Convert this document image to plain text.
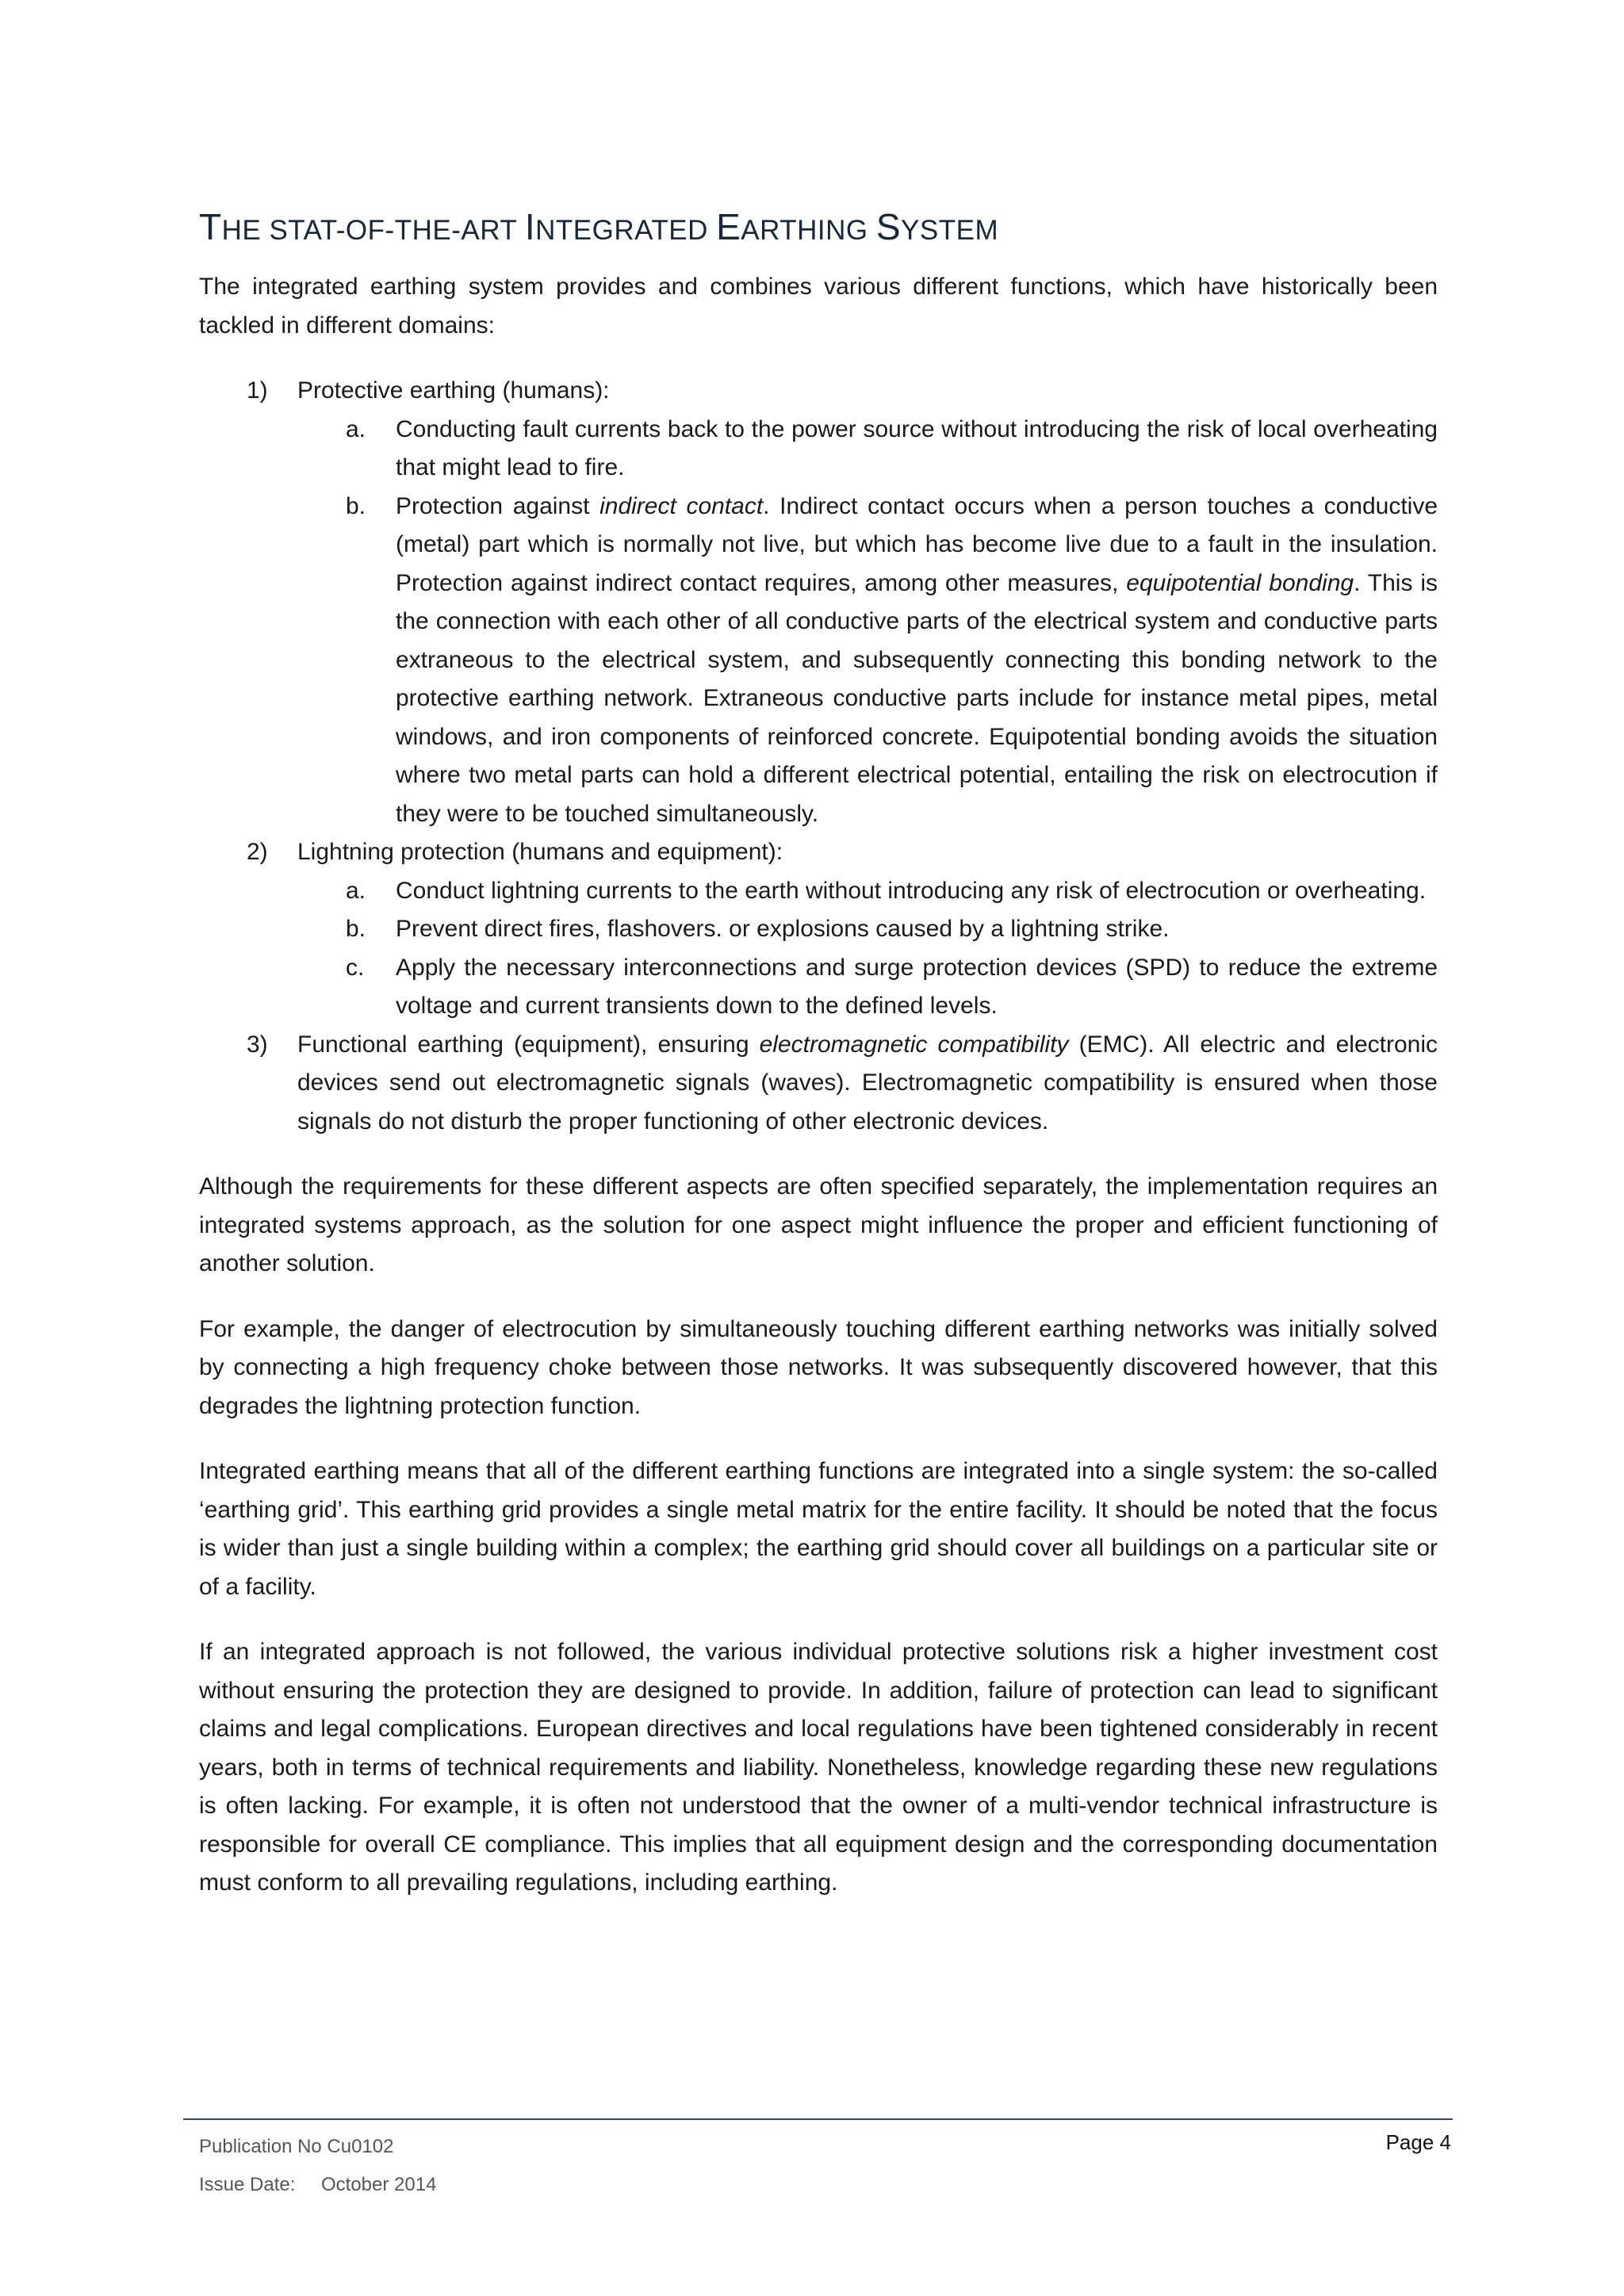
THE STAT-OF-THE-ART INTEGRATED EARTHING SYSTEM

The integrated earthing system provides and combines various different functions, which have historically been tackled in different domains:

1) Protective earthing (humans):
a. Conducting fault currents back to the power source without introducing the risk of local overheating that might lead to fire.
b. Protection against indirect contact. Indirect contact occurs when a person touches a conductive (metal) part which is normally not live, but which has become live due to a fault in the insulation. Protection against indirect contact requires, among other measures, equipotential bonding. This is the connection with each other of all conductive parts of the electrical system and conductive parts extraneous to the electrical system, and subsequently connecting this bonding network to the protective earthing network. Extraneous conductive parts include for instance metal pipes, metal windows, and iron components of reinforced concrete. Equipotential bonding avoids the situation where two metal parts can hold a different electrical potential, entailing the risk on electrocution if they were to be touched simultaneously.
2) Lightning protection (humans and equipment):
a. Conduct lightning currents to the earth without introducing any risk of electrocution or overheating.
b. Prevent direct fires, flashovers. or explosions caused by a lightning strike.
c. Apply the necessary interconnections and surge protection devices (SPD) to reduce the extreme voltage and current transients down to the defined levels.
3) Functional earthing (equipment), ensuring electromagnetic compatibility (EMC). All electric and electronic devices send out electromagnetic signals (waves). Electromagnetic compatibility is ensured when those signals do not disturb the proper functioning of other electronic devices.

Although the requirements for these different aspects are often specified separately, the implementation requires an integrated systems approach, as the solution for one aspect might influence the proper and efficient functioning of another solution.

For example, the danger of electrocution by simultaneously touching different earthing networks was initially solved by connecting a high frequency choke between those networks. It was subsequently discovered however, that this degrades the lightning protection function.

Integrated earthing means that all of the different earthing functions are integrated into a single system: the so-called ‘earthing grid’. This earthing grid provides a single metal matrix for the entire facility. It should be noted that the focus is wider than just a single building within a complex; the earthing grid should cover all buildings on a particular site or of a facility.

If an integrated approach is not followed, the various individual protective solutions risk a higher investment cost without ensuring the protection they are designed to provide. In addition, failure of protection can lead to significant claims and legal complications. European directives and local regulations have been tightened considerably in recent years, both in terms of technical requirements and liability. Nonetheless, knowledge regarding these new regulations is often lacking. For example, it is often not understood that the owner of a multi-vendor technical infrastructure is responsible for overall CE compliance. This implies that all equipment design and the corresponding documentation must conform to all prevailing regulations, including earthing.

Publication No Cu0102
Issue Date: October 2014
Page 4
